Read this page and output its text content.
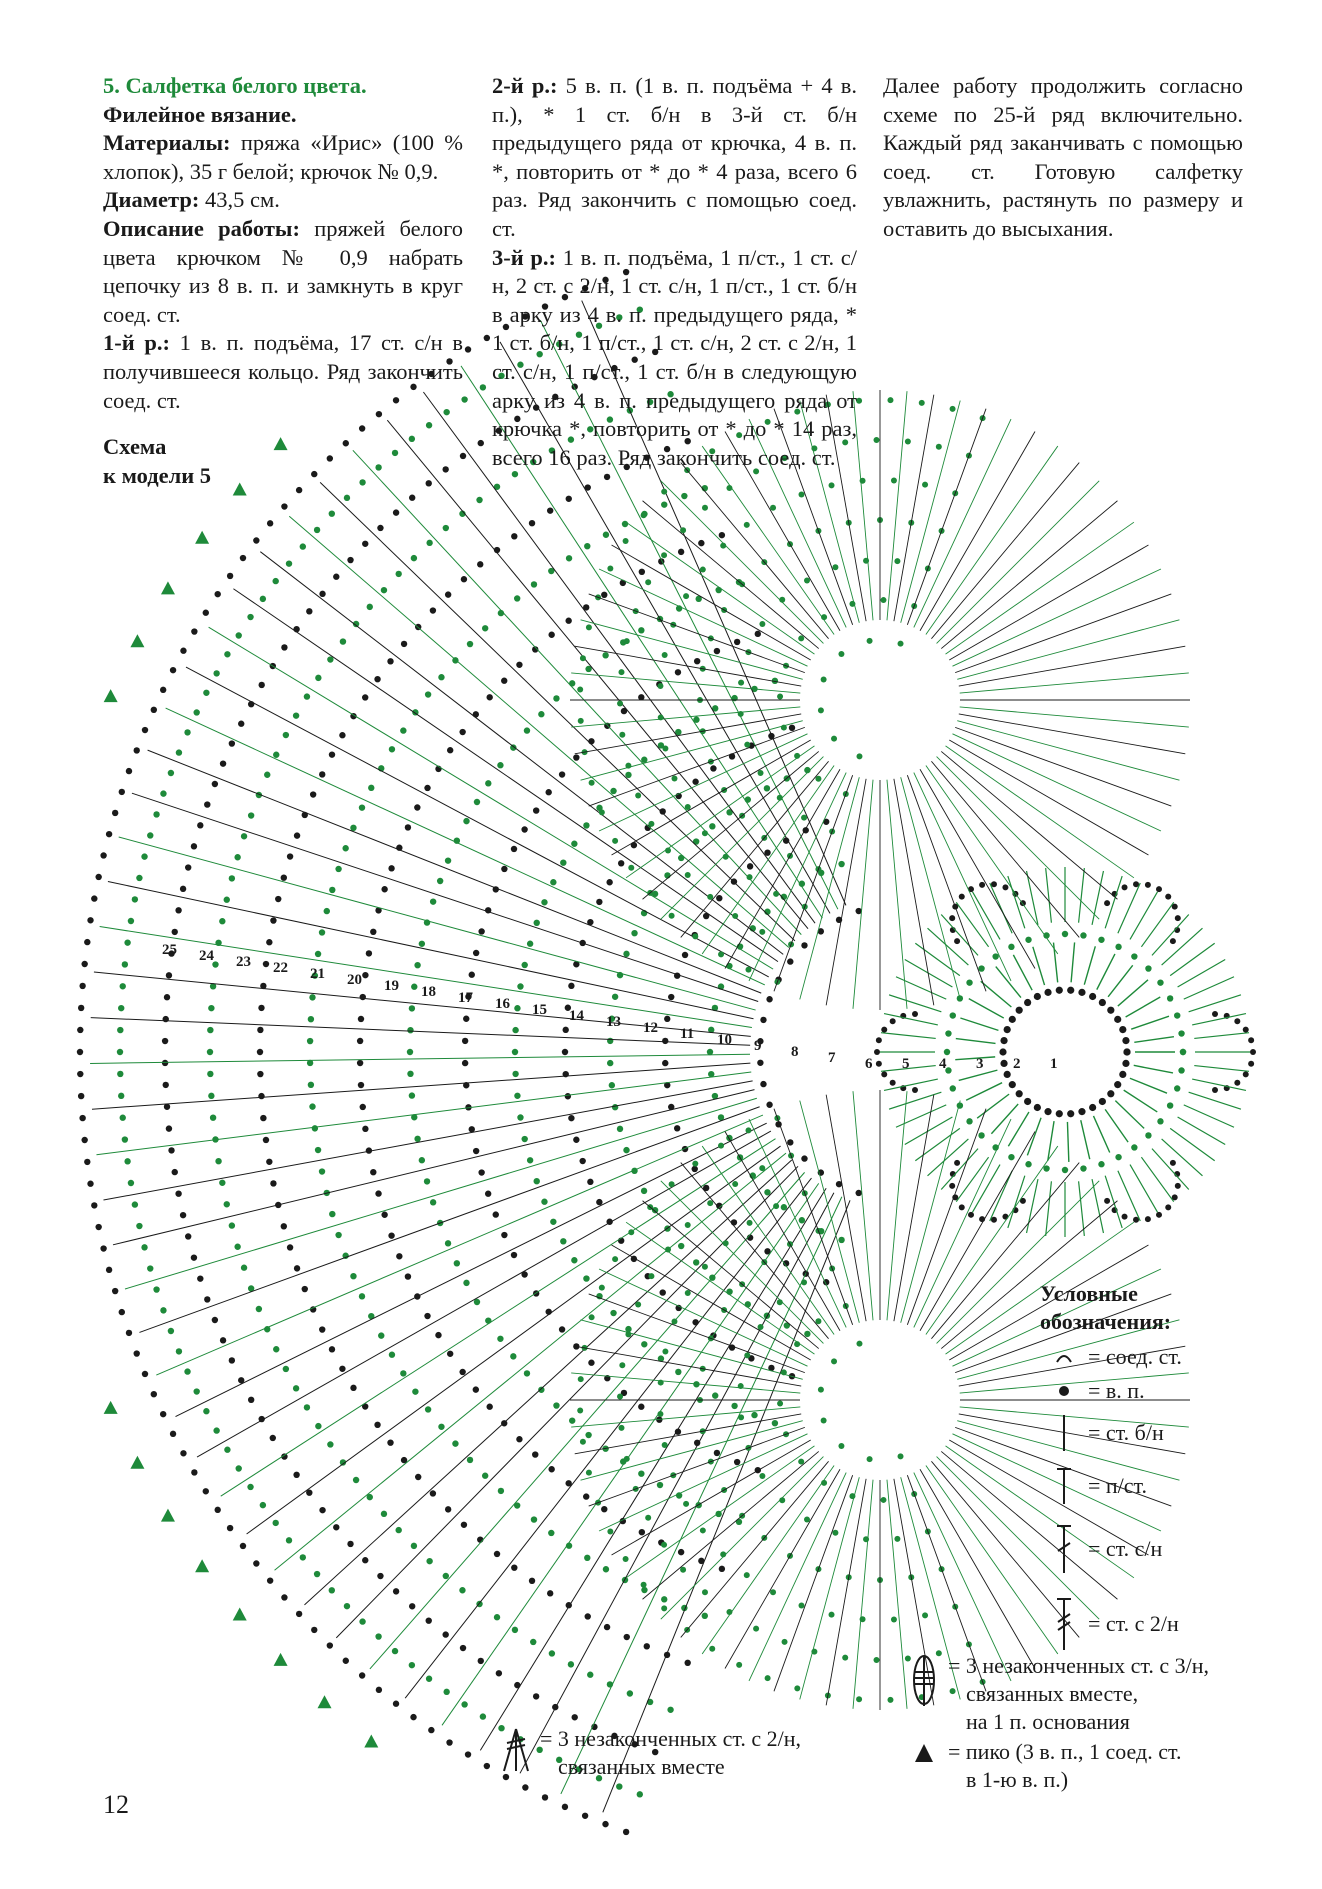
1
2
3
4
5
6
7
8
9
10
11
12
13
14
15
16
17
18
19
20
21
22
23
24
25

5. Салфетка белого цвета.

Филейное вязание.

Материалы: пряжа «Ирис» (100 % хлопок), 35 г белой; крючок № 0,9.

Диаметр: 43,5 см.

Описание работы: пряжей белого цвета крючком № 0,9 набрать цепочку из 8 в. п. и замкнуть в круг соед. ст.

1-й р.: 1 в. п. подъёма, 17 ст. с/н в получившееся кольцо. Ряд закончить соед. ст.

2-й р.: 5 в. п. (1 в. п. подъёма + 4 в. п.), * 1 ст. б/н в 3-й ст. б/н предыдущего ряда от крючка, 4 в. п. *, повторить от * до * 4 раза, всего 6 раз. Ряд закончить с помощью соед. ст.

3-й р.: 1 в. п. подъёма, 1 п/ст., 1 ст. с/н, 2 ст. с 2/н, 1 ст. с/н, 1 п/ст., 1 ст. б/н в арку из 4 в. п. предыдущего ряда, * 1 ст. б/н, 1 п/ст., 1 ст. с/н, 2 ст. с 2/н, 1 ст. с/н, 1 п/ст., 1 ст. б/н в следующую арку из 4 в. п. предыдущего ряда от крючка *, повторить от * до * 14 раз, всего 16 раз. Ряд закончить соед. ст.

Далее работу продолжить согласно схеме по 25-й ряд включительно. Каждый ряд заканчивать с помощью соед. ст. Готовую салфетку увлажнить, растянуть по размеру и оставить до высыхания.

Схема
к модели 5
Условные обозначения:
= соед. ст.
= в. п.
= ст. б/н
= п/ст.
= ст. с/н
= ст. с 2/н
= 3 незаконченных ст. с 3/н,
связанных вместе,
на 1 п. основания
= пико (3 в. п., 1 соед. ст.
в 1-ю в. п.)
= 3 незаконченных ст. с 2/н,
связанных вместе
12
